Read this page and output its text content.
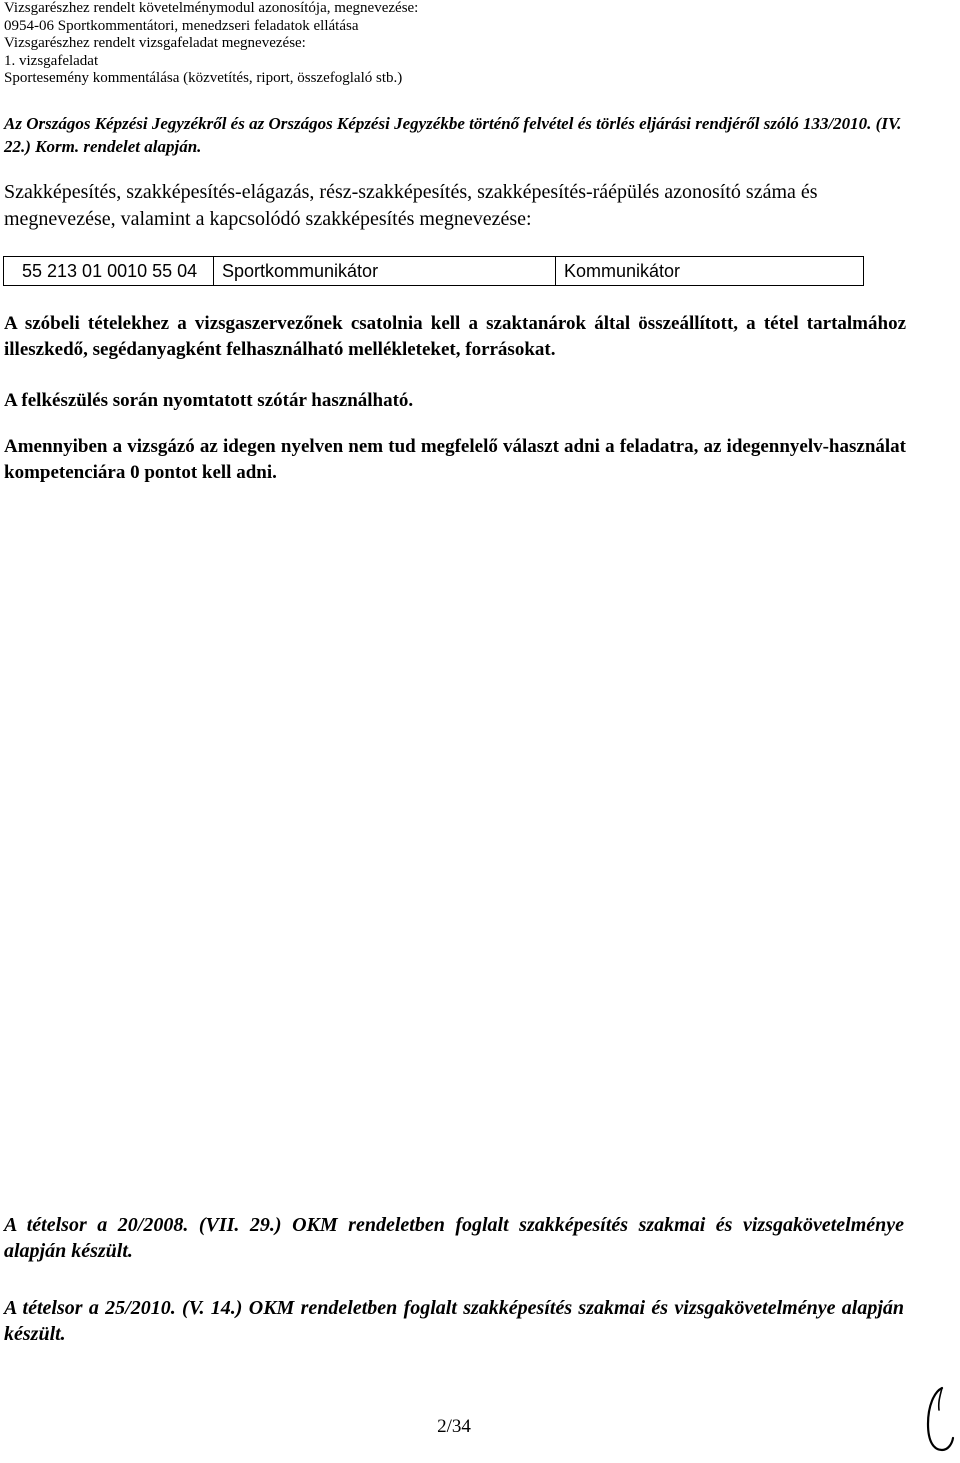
Vizsgarészhez rendelt követelménymodul azonosítója, megnevezése:
0954-06 Sportkommentátori, menedzseri feladatok ellátása
Vizsgarészhez rendelt vizsgafeladat megnevezése:
1. vizsgafeladat
Sportesemény kommentálása (közvetítés, riport, összefoglaló stb.)
Az Országos Képzési Jegyzékről és az Országos Képzési Jegyzékbe történő felvétel és törlés eljárási rendjéről szóló 133/2010. (IV. 22.) Korm. rendelet alapján.
Szakképesítés, szakképesítés-elágazás, rész-szakképesítés, szakképesítés-ráépülés azonosító száma és megnevezése, valamint a kapcsolódó szakképesítés megnevezése:
55 213 01 0010 55 04	Sportkommunikátor	Kommunikátor
A szóbeli tételekhez a vizsgaszervezőnek csatolnia kell a szaktanárok által összeállított, a tétel tartalmához illeszkedő, segédanyagként felhasználható mellékleteket, forrásokat.
A felkészülés során nyomtatott szótár használható.
Amennyiben a vizsgázó az idegen nyelven nem tud megfelelő választ adni a feladatra, az idegennyelv-használat kompetenciára 0 pontot kell adni.
A tételsor a 20/2008. (VII. 29.) OKM rendeletben foglalt szakképesítés szakmai és vizsgakövetelménye alapján készült.
A tételsor a 25/2010. (V. 14.) OKM rendeletben foglalt szakképesítés szakmai és vizsgakövetelménye alapján készült.
2/34
